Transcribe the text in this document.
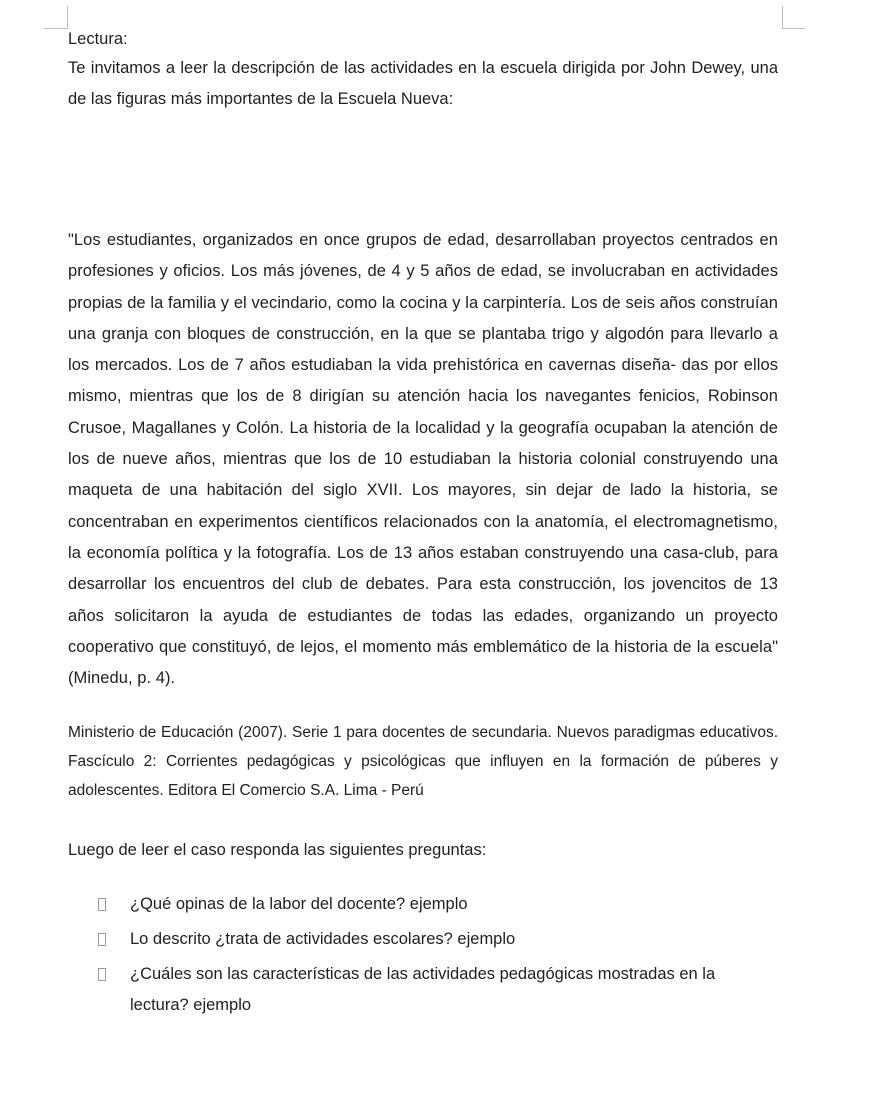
Lectura:

Te invitamos a leer la descripción de las actividades en la escuela dirigida por John Dewey, una de las figuras más importantes de la Escuela Nueva:

"Los estudiantes, organizados en once grupos de edad, desarrollaban proyectos centrados en profesiones y oficios. Los más jóvenes, de 4 y 5 años de edad, se involucraban en actividades propias de la familia y el vecindario, como la cocina y la carpintería. Los de seis años construían una granja con bloques de construcción, en la que se plantaba trigo y algodón para llevarlo a los mercados. Los de 7 años estudiaban la vida prehistórica en cavernas diseña- das por ellos mismo, mientras que los de 8 dirigían su atención hacia los navegantes fenicios, Robinson Crusoe, Magallanes y Colón. La historia de la localidad y la geografía ocupaban la atención de los de nueve años, mientras que los de 10 estudiaban la historia colonial construyendo una maqueta de una habitación del siglo XVII. Los mayores, sin dejar de lado la historia, se concentraban en experimentos científicos relacionados con la anatomía, el electromagnetismo, la economía política y la fotografía. Los de 13 años estaban construyendo una casa-club, para desarrollar los encuentros del club de debates. Para esta construcción, los jovencitos de 13 años solicitaron la ayuda de estudiantes de todas las edades, organizando un proyecto cooperativo que constituyó, de lejos, el momento más emblemático de la historia de la escuela" (Minedu, p. 4).

Ministerio de Educación (2007). Serie 1 para docentes de secundaria. Nuevos paradigmas educativos. Fascículo 2: Corrientes pedagógicas y psicológicas que influyen en la formación de púberes y adolescentes. Editora El Comercio S.A. Lima - Perú

Luego de leer el caso responda las siguientes preguntas:

¿Qué opinas de la labor del docente? ejemplo
Lo descrito ¿trata de actividades escolares? ejemplo
¿Cuáles son las características de las actividades pedagógicas mostradas en la lectura? ejemplo
